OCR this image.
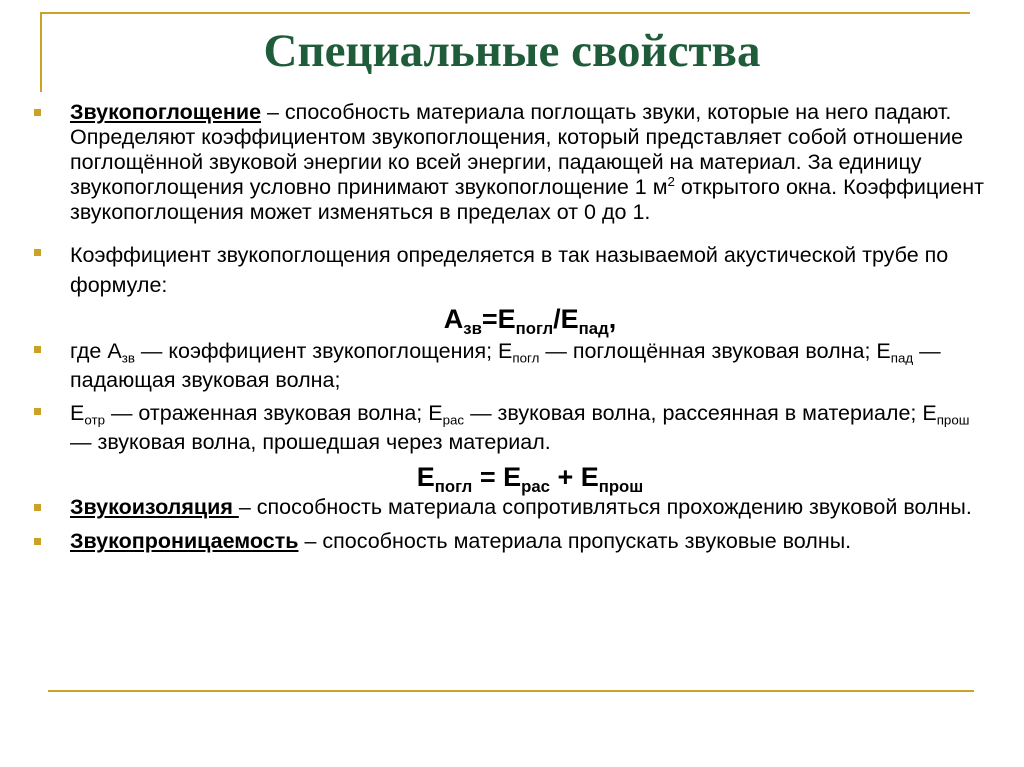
Специальные свойства
Звукопоглощение – способность материала поглощать звуки, которые на него падают. Определяют коэффициентом звукопоглощения, который представляет собой отношение поглощённой звуковой энергии ко всей энергии, падающей на материал. За единицу звукопоглощения условно принимают звукопоглощение 1 $м^2$ открытого окна. Коэффициент звукопоглощения может изменяться в пределах от 0 до 1.
Коэффициент звукопоглощения определяется в так называемой акустической трубе по формуле:
$A_{зв}=E_{погл}/E_{пад}$,
где $A_{зв}$ — коэффициент звукопоглощения; $E_{погл}$ — поглощённая звуковая волна; $E_{пад}$ — падающая звуковая волна;
$E_{отр}$ — отраженная звуковая волна; $E_{рас}$ — звуковая волна, рассеянная в материале; $E_{прош}$ — звуковая волна, прошедшая через материал.
$E_{погл} = E_{рас} + E_{прош}$
Звукоизоляция – способность материала сопротивляться прохождению звуковой волны.
Звукопроницаемость – способность материала пропускать звуковые волны.
